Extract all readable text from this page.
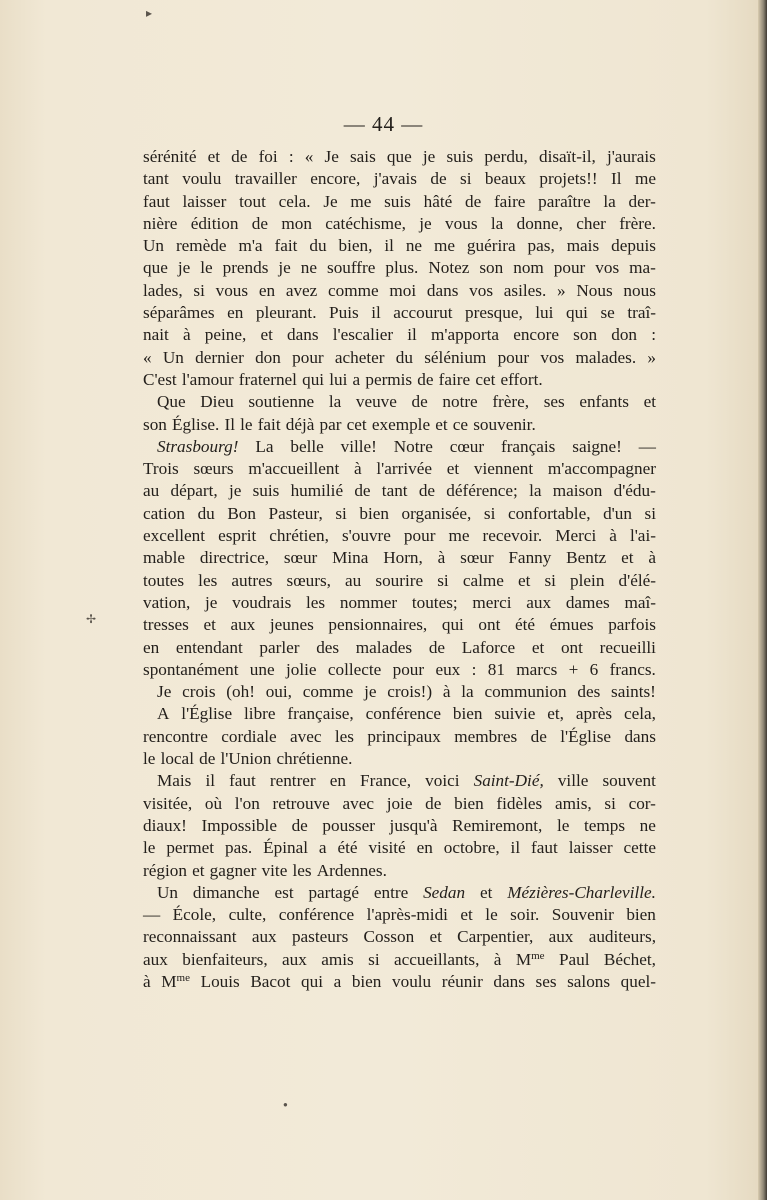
▸
✢
●
— 44 —
sérénité et de foi : « Je sais que je suis perdu, disaït-il, j'aurais
tant voulu travailler encore, j'avais de si beaux projets!! Il me
faut laisser tout cela. Je me suis hâté de faire paraître la der-
nière édition de mon catéchisme, je vous la donne, cher frère.
Un remède m'a fait du bien, il ne me guérira pas, mais depuis
que je le prends je ne souffre plus. Notez son nom pour vos ma-
lades, si vous en avez comme moi dans vos asiles. » Nous nous
séparâmes en pleurant. Puis il accourut presque, lui qui se traî-
nait à peine, et dans l'escalier il m'apporta encore son don :
« Un dernier don pour acheter du sélénium pour vos malades. »
C'est l'amour fraternel qui lui a permis de faire cet effort.
Que Dieu soutienne la veuve de notre frère, ses enfants et
son Église. Il le fait déjà par cet exemple et ce souvenir.
Strasbourg! La belle ville! Notre cœur français saigne! —
Trois sœurs m'accueillent à l'arrivée et viennent m'accompagner
au départ, je suis humilié de tant de déférence; la maison d'édu-
cation du Bon Pasteur, si bien organisée, si confortable, d'un si
excellent esprit chrétien, s'ouvre pour me recevoir. Merci à l'ai-
mable directrice, sœur Mina Horn, à sœur Fanny Bentz et à
toutes les autres sœurs, au sourire si calme et si plein d'élé-
vation, je voudrais les nommer toutes; merci aux dames maî-
tresses et aux jeunes pensionnaires, qui ont été émues parfois
en entendant parler des malades de Laforce et ont recueilli
spontanément une jolie collecte pour eux : 81 marcs + 6 francs.
Je crois (oh! oui, comme je crois!) à la communion des saints!
A l'Église libre française, conférence bien suivie et, après cela,
rencontre cordiale avec les principaux membres de l'Église dans
le local de l'Union chrétienne.
Mais il faut rentrer en France, voici Saint-Dié, ville souvent
visitée, où l'on retrouve avec joie de bien fidèles amis, si cor-
diaux! Impossible de pousser jusqu'à Remiremont, le temps ne
le permet pas. Épinal a été visité en octobre, il faut laisser cette
région et gagner vite les Ardennes.
Un dimanche est partagé entre Sedan et Mézières-Charleville.
— École, culte, conférence l'après-midi et le soir. Souvenir bien
reconnaissant aux pasteurs Cosson et Carpentier, aux auditeurs,
aux bienfaiteurs, aux amis si accueillants, à $M^{me}$ Paul Béchet,
à $M^{me}$ Louis Bacot qui a bien voulu réunir dans ses salons quel-
